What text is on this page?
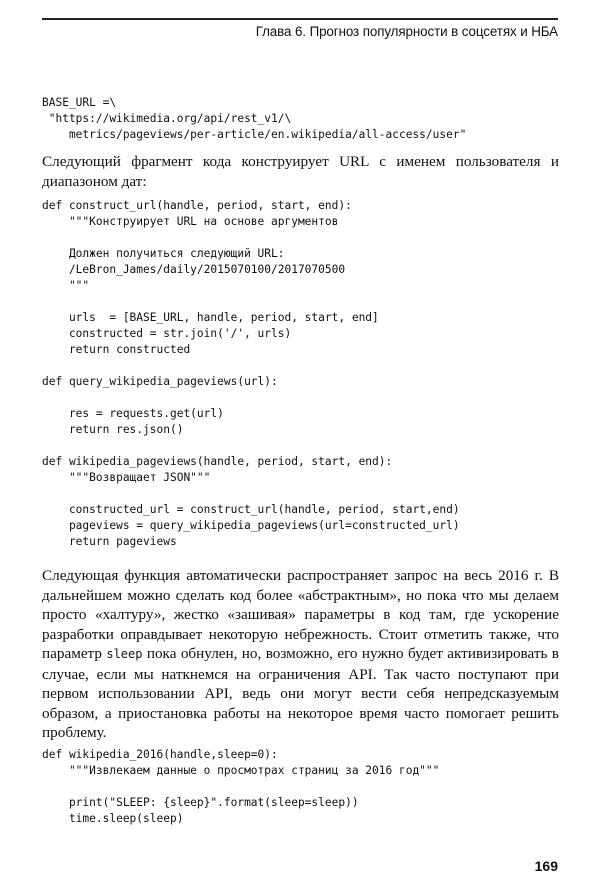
Глава 6. Прогноз популярности в соцсетях и НБА
BASE_URL =\
"https://wikimedia.org/api/rest_v1/\
metrics/pageviews/per-article/en.wikipedia/all-access/user"

Следующий фрагмент кода конструирует URL с именем пользователя и диапазоном дат:

def construct_url(handle, period, start, end):
"""Конструирует URL на основе аргументов

Должен получиться следующий URL:
/LeBron_James/daily/2015070100/2017070500
"""

urls  = [BASE_URL, handle, period, start, end]
constructed = str.join('/', urls)
return constructed

def query_wikipedia_pageviews(url):

res = requests.get(url)
return res.json()

def wikipedia_pageviews(handle, period, start, end):
"""Возвращает JSON"""

constructed_url = construct_url(handle, period, start,end)
pageviews = query_wikipedia_pageviews(url=constructed_url)
return pageviews

Следующая функция автоматически распространяет запрос на весь 2016 г. В дальнейшем можно сделать код более «абстрактным», но пока что мы делаем просто «халтуру», жестко «зашивая» параметры в код там, где ускорение разработки оправдывает некоторую небрежность. Стоит отметить также, что параметр sleep пока обнулен, но, возможно, его нужно будет активизировать в случае, если мы наткнемся на ограничения API. Так часто поступают при первом использовании API, ведь они могут вести себя непредсказуемым образом, а приостановка работы на некоторое время часто помогает решить проблему.

def wikipedia_2016(handle,sleep=0):
"""Извлекаем данные о просмотрах страниц за 2016 год"""

print("SLEEP: {sleep}".format(sleep=sleep))
time.sleep(sleep)
169
